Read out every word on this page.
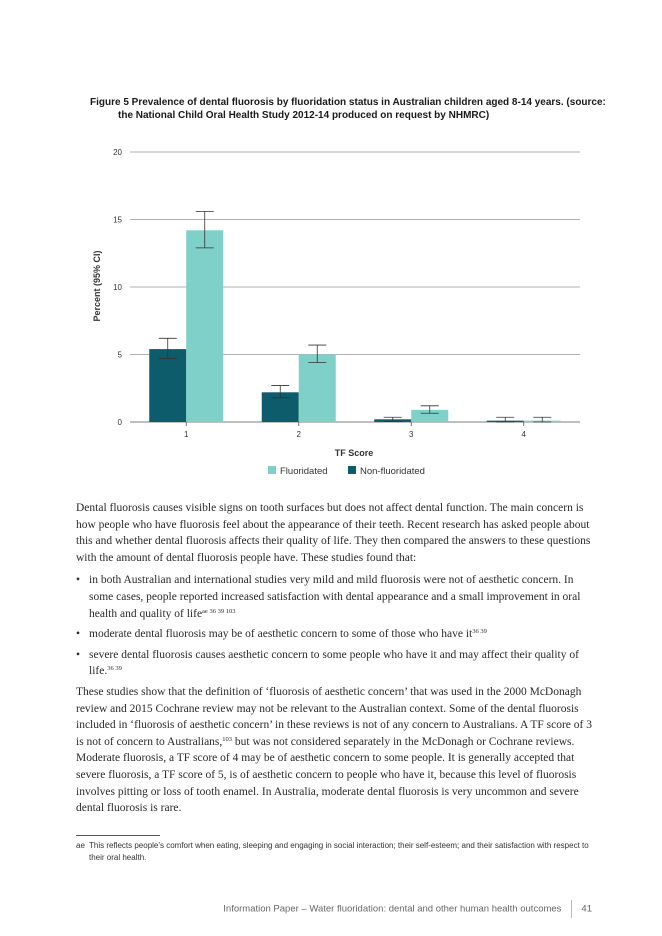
Figure 5 Prevalence of dental fluorosis by fluoridation status in Australian children aged 8-14 years. (source:
the National Child Oral Health Study 2012-14 produced on request by NHMRC)
0
5
10
15
20
1	2	3	4
Percent (95% CI)
TF Score
Fluoridated	Non-fluoridated

Dental fluorosis causes visible signs on tooth surfaces but does not affect dental function. The main concern is how people who have fluorosis feel about the appearance of their teeth. Recent research has asked people about this and whether dental fluorosis affects their quality of life. They then compared the answers to these questions with the amount of dental fluorosis people have. These studies found that:

• in both Australian and international studies very mild and mild fluorosis were not of aesthetic concern. In some cases, people reported increased satisfaction with dental appearance and a small improvement in oral health and quality of life$^{ae 36 39 103}$
• moderate dental fluorosis may be of aesthetic concern to some of those who have $it^{36 39}$
• severe dental fluorosis causes aesthetic concern to some people who have it and may affect their quality of life.$^{36 39}$

These studies show that the definition of ‘fluorosis of aesthetic concern’ that was used in the 2000 McDonagh review and 2015 Cochrane review may not be relevant to the Australian context. Some of the dental fluorosis included in ‘fluorosis of aesthetic concern’ in these reviews is not of any concern to Australians. A TF score of 3 is not of concern to Australians,$^{103}$ but was not considered separately in the McDonagh or Cochrane reviews. Moderate fluorosis, a TF score of 4 may be of aesthetic concern to some people. It is generally accepted that severe fluorosis, a TF score of 5, is of aesthetic concern to people who have it, because this level of fluorosis involves pitting or loss of tooth enamel. In Australia, moderate dental fluorosis is very uncommon and severe dental fluorosis is rare.

ae This reflects people’s comfort when eating, sleeping and engaging in social interaction; their self-esteem; and their satisfaction with respect to
their oral health.
Information Paper – Water fluoridation: dental and other human health outcomes 41
